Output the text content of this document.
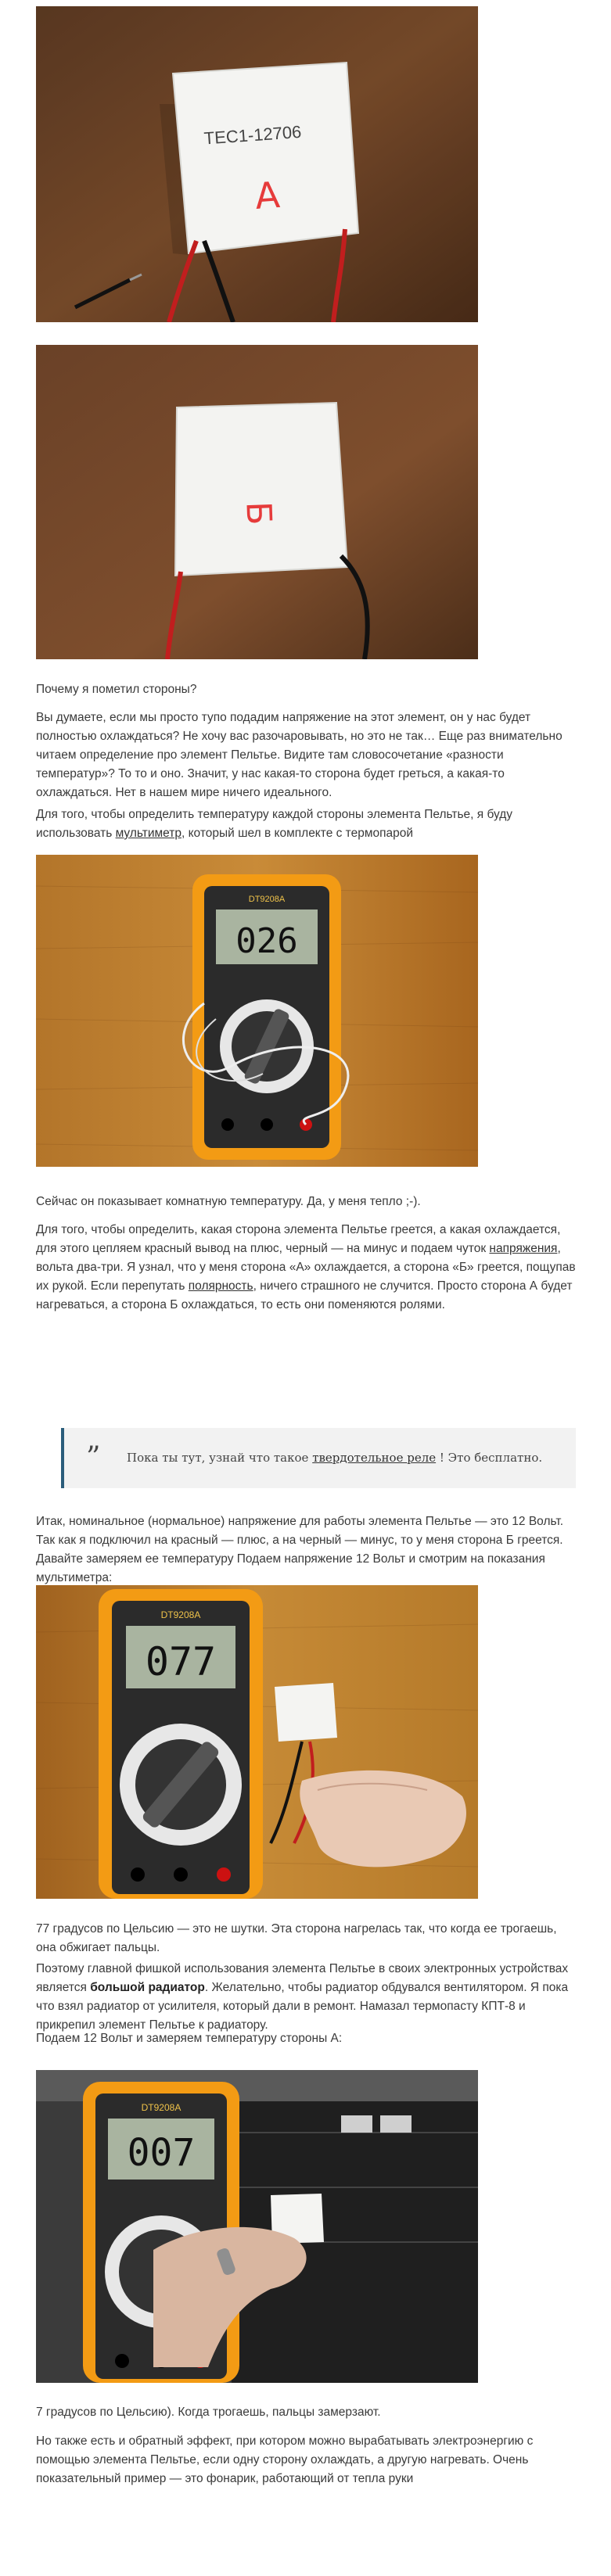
TEC1-12706
А
Б

Почему я пометил стороны?

Вы думаете, если мы просто тупо подадим напряжение на этот элемент, он у нас будет полностью охлаждаться? Не хочу вас разочаровывать, но это не так… Еще раз внимательно читаем определение про элемент Пельтье. Видите там словосочетание «разности температур»? То то и оно. Значит, у нас какая-то сторона будет греться, а какая-то охлаждаться. Нет в нашем мире ничего идеального.

Для того, чтобы определить температуру каждой стороны элемента Пельтье, я буду использовать мультиметр, который шел в комплекте с термопарой

DT9208A
026

Сейчас он показывает комнатную температуру. Да, у меня тепло ;-).

Для того, чтобы определить, какая сторона элемента Пельтье греется, а какая охлаждается, для этого цепляем красный вывод на плюс, черный — на минус и подаем чуток напряжения, вольта два-три. Я узнал, что у меня сторона «А» охлаждается, а сторона «Б» греется, пощупав их рукой. Если перепутать полярность, ничего страшного не случится. Просто сторона А будет нагреваться, а сторона Б охлаждаться, то есть они поменяются ролями.

” Пока ты тут, узнай что такое твердотельное реле ! Это бесплатно.

Итак, номинальное (нормальное) напряжение для работы элемента Пельтье — это 12 Вольт. Так как я подключил на красный — плюс, а на черный — минус, то у меня сторона Б греется. Давайте замеряем ее температуру Подаем напряжение 12 Вольт и смотрим на показания мультиметра:

DT9208A
077

77 градусов по Цельсию — это не шутки. Эта сторона нагрелась так, что когда ее трогаешь, она обжигает пальцы.

Поэтому главной фишкой использования элемента Пельтье в своих электронных устройствах является большой радиатор. Желательно, чтобы радиатор обдувался вентилятором. Я пока что взял радиатор от усилителя, который дали в ремонт. Намазал термопасту КПТ-8 и прикрепил элемент Пельтье к радиатору.

Подаем 12 Вольт и замеряем температуру стороны А:

DT9208A
007

7 градусов по Цельсию). Когда трогаешь, пальцы замерзают.

Но также есть и обратный эффект, при котором можно вырабатывать электроэнергию с помощью элемента Пельтье, если одну сторону охлаждать, а другую нагревать. Очень показательный пример — это фонарик, работающий от тепла руки
